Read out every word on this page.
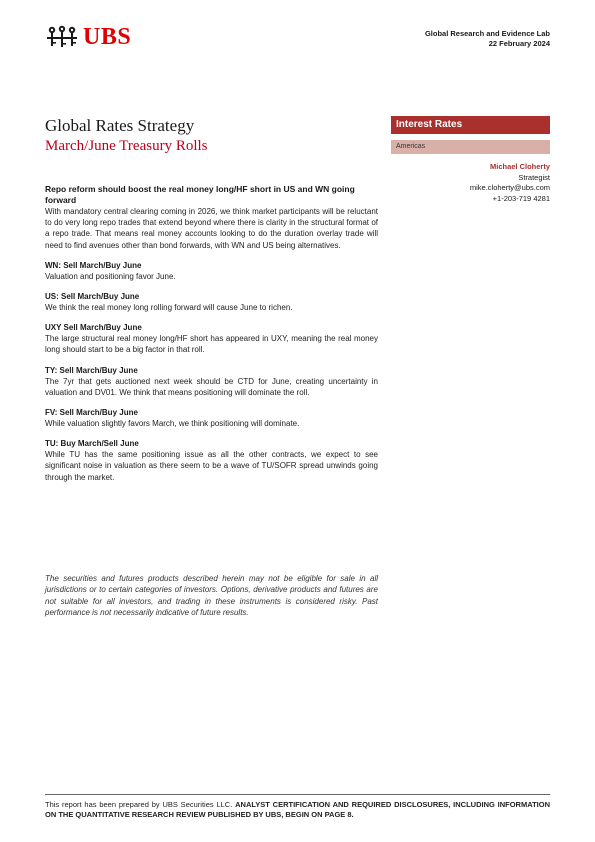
UBS	Global Research and Evidence Lab
22 February 2024
Global Rates Strategy
March/June Treasury Rolls
Interest Rates
Americas
Michael Cloherty
Strategist
mike.cloherty@ubs.com
+1-203-719 4281
Repo reform should boost the real money long/HF short in US and WN going forward
With mandatory central clearing coming in 2026, we think market participants will be reluctant to do very long repo trades that extend beyond where there is clarity in the structural format of a repo trade. That means real money accounts looking to do the duration overlay trade will need to find avenues other than bond forwards, with WN and US being alternatives.
WN: Sell March/Buy June
Valuation and positioning favor June.
US: Sell March/Buy June
We think the real money long rolling forward will cause June to richen.
UXY Sell March/Buy June
The large structural real money long/HF short has appeared in UXY, meaning the real money long should start to be a big factor in that roll.
TY: Sell March/Buy June
The 7yr that gets auctioned next week should be CTD for June, creating uncertainty in valuation and DV01. We think that means positioning will dominate the roll.
FV: Sell March/Buy June
While valuation slightly favors March, we think positioning will dominate.
TU: Buy March/Sell June
While TU has the same positioning issue as all the other contracts, we expect to see significant noise in valuation as there seem to be a wave of TU/SOFR spread unwinds going through the market.
The securities and futures products described herein may not be eligible for sale in all jurisdictions or to certain categories of investors. Options, derivative products and futures are not suitable for all investors, and trading in these instruments is considered risky. Past performance is not necessarily indicative of future results.
This report has been prepared by UBS Securities LLC. ANALYST CERTIFICATION AND REQUIRED DISCLOSURES, INCLUDING INFORMATION ON THE QUANTITATIVE RESEARCH REVIEW PUBLISHED BY UBS, BEGIN ON PAGE 8.
